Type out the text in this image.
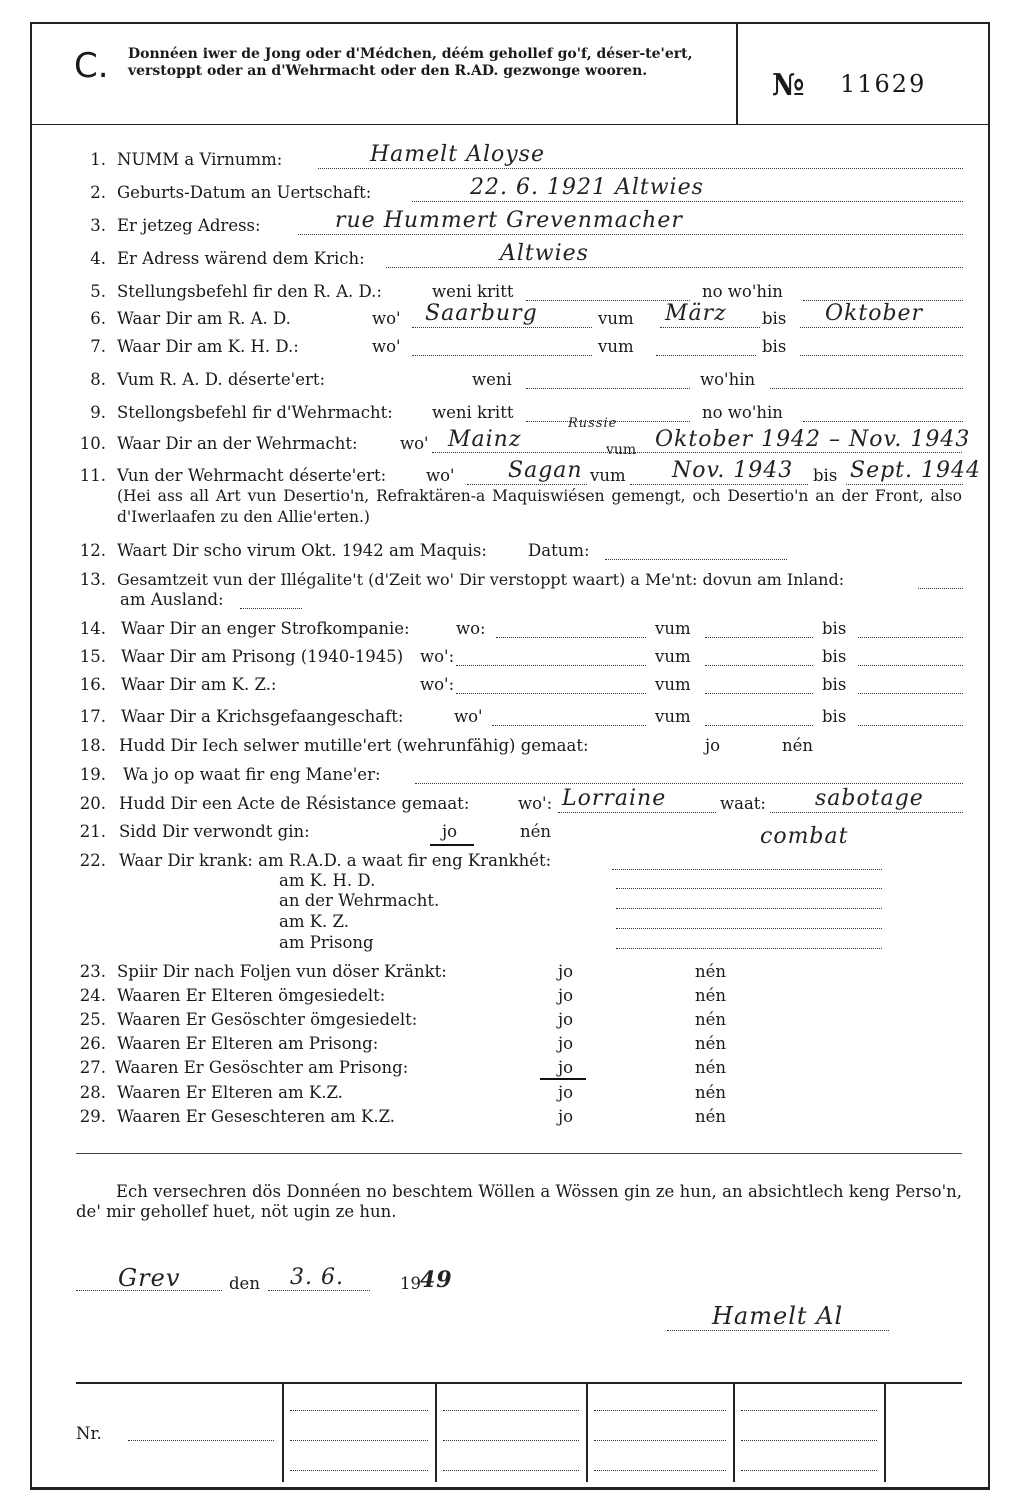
C. Donnéen iwer de Jong oder d'Médchen, déém gehollef go'f, déser-te'ert, verstoppt oder an d'Wehrmacht oder den R.AD. gezwonge wooren.	№ 11629
1. NUMM a Virnumm:	Hamelt Aloyse
2. Geburts-Datum an Uertschaft:	22. 6. 1921 Altwies
3. Er jetzeg Adress:	rue Hummert Grevenmacher
4. Er Adress wärend dem Krich:	Altwies
5. Stellungsbefehl fir den R. A. D.:	weni kritt	no wo'hin
6. Waar Dir am R. A. D.	wo' Saarburg	vum März bis Oktober
7. Waar Dir am K. H. D.:	wo'	vum	bis
8. Vum R. A. D. déserte'ert:	weni	wo'hin
9. Stellongsbefehl fir d'Wehrmacht: weni kritt	no wo'hin
10. Waar Dir an der Wehrmacht:	wo' Mainz
Russie
vum Oktober 1942 – Nov. 1943
11. Vun der Wehrmacht déserte'ert: wo' Sagan vum Nov. 1943 bis Sept. 1944
(Hei ass all Art vun Desertio'n, Refraktären-a Maquiswiésen gemengt, och Desertio'n an der Front, also d'Iwerlaafen zu den Allie'erten.)
12. Waart Dir scho virum Okt. 1942 am Maquis: Datum:
13. Gesamtzeit vun der Illégalite't (d'Zeit wo' Dir verstoppt waart) a Me'nt: dovun am Inland:
am Ausland:
14. Waar Dir an enger Strofkompanie:	wo:	vum	bis
15. Waar Dir am Prisong (1940-1945) wo':	vum	bis
16. Waar Dir am K. Z.:	wo':	vum	bis
17. Waar Dir a Krichsgefaangeschaft:	wo'	vum	bis
18. Hudd Dir Iech selwer mutille'ert (wehrunfähig) gemaat:	jo	nén
19. Wa jo op waat fir eng Mane'er:
20. Hudd Dir een Acte de Résistance gemaat:	wo': Lorraine	waat: sabotage
combat
21. Sidd Dir verwondt gin:	jo	nén
22. Waar Dir krank: am R.A.D. a waat fir eng Krankhét:
am K. H. D.
an der Wehrmacht.
am K. Z.
am Prisong
23. Spiir Dir nach Foljen vun döser Kränkt:	jo	nén
24. Waaren Er Elteren ömgesiedelt:	jo	nén
25. Waaren Er Gesöschter ömgesiedelt:	jo	nén
26. Waaren Er Elteren am Prisong:	jo	nén
27. Waaren Er Gesöschter am Prisong:	jo	nén
28. Waaren Er Elteren am K.Z.	jo	nén
29. Waaren Er Geseschteren am K.Z.	jo	nén
Ech versechren dös Donnéen no beschtem Wöllen a Wössen gin ze hun, an absichtlech keng Perso'n, de' mir gehollef huet, nöt ugin ze hun.
Grev	den 3. 6.	19 49
Hamelt Al
Nr.
